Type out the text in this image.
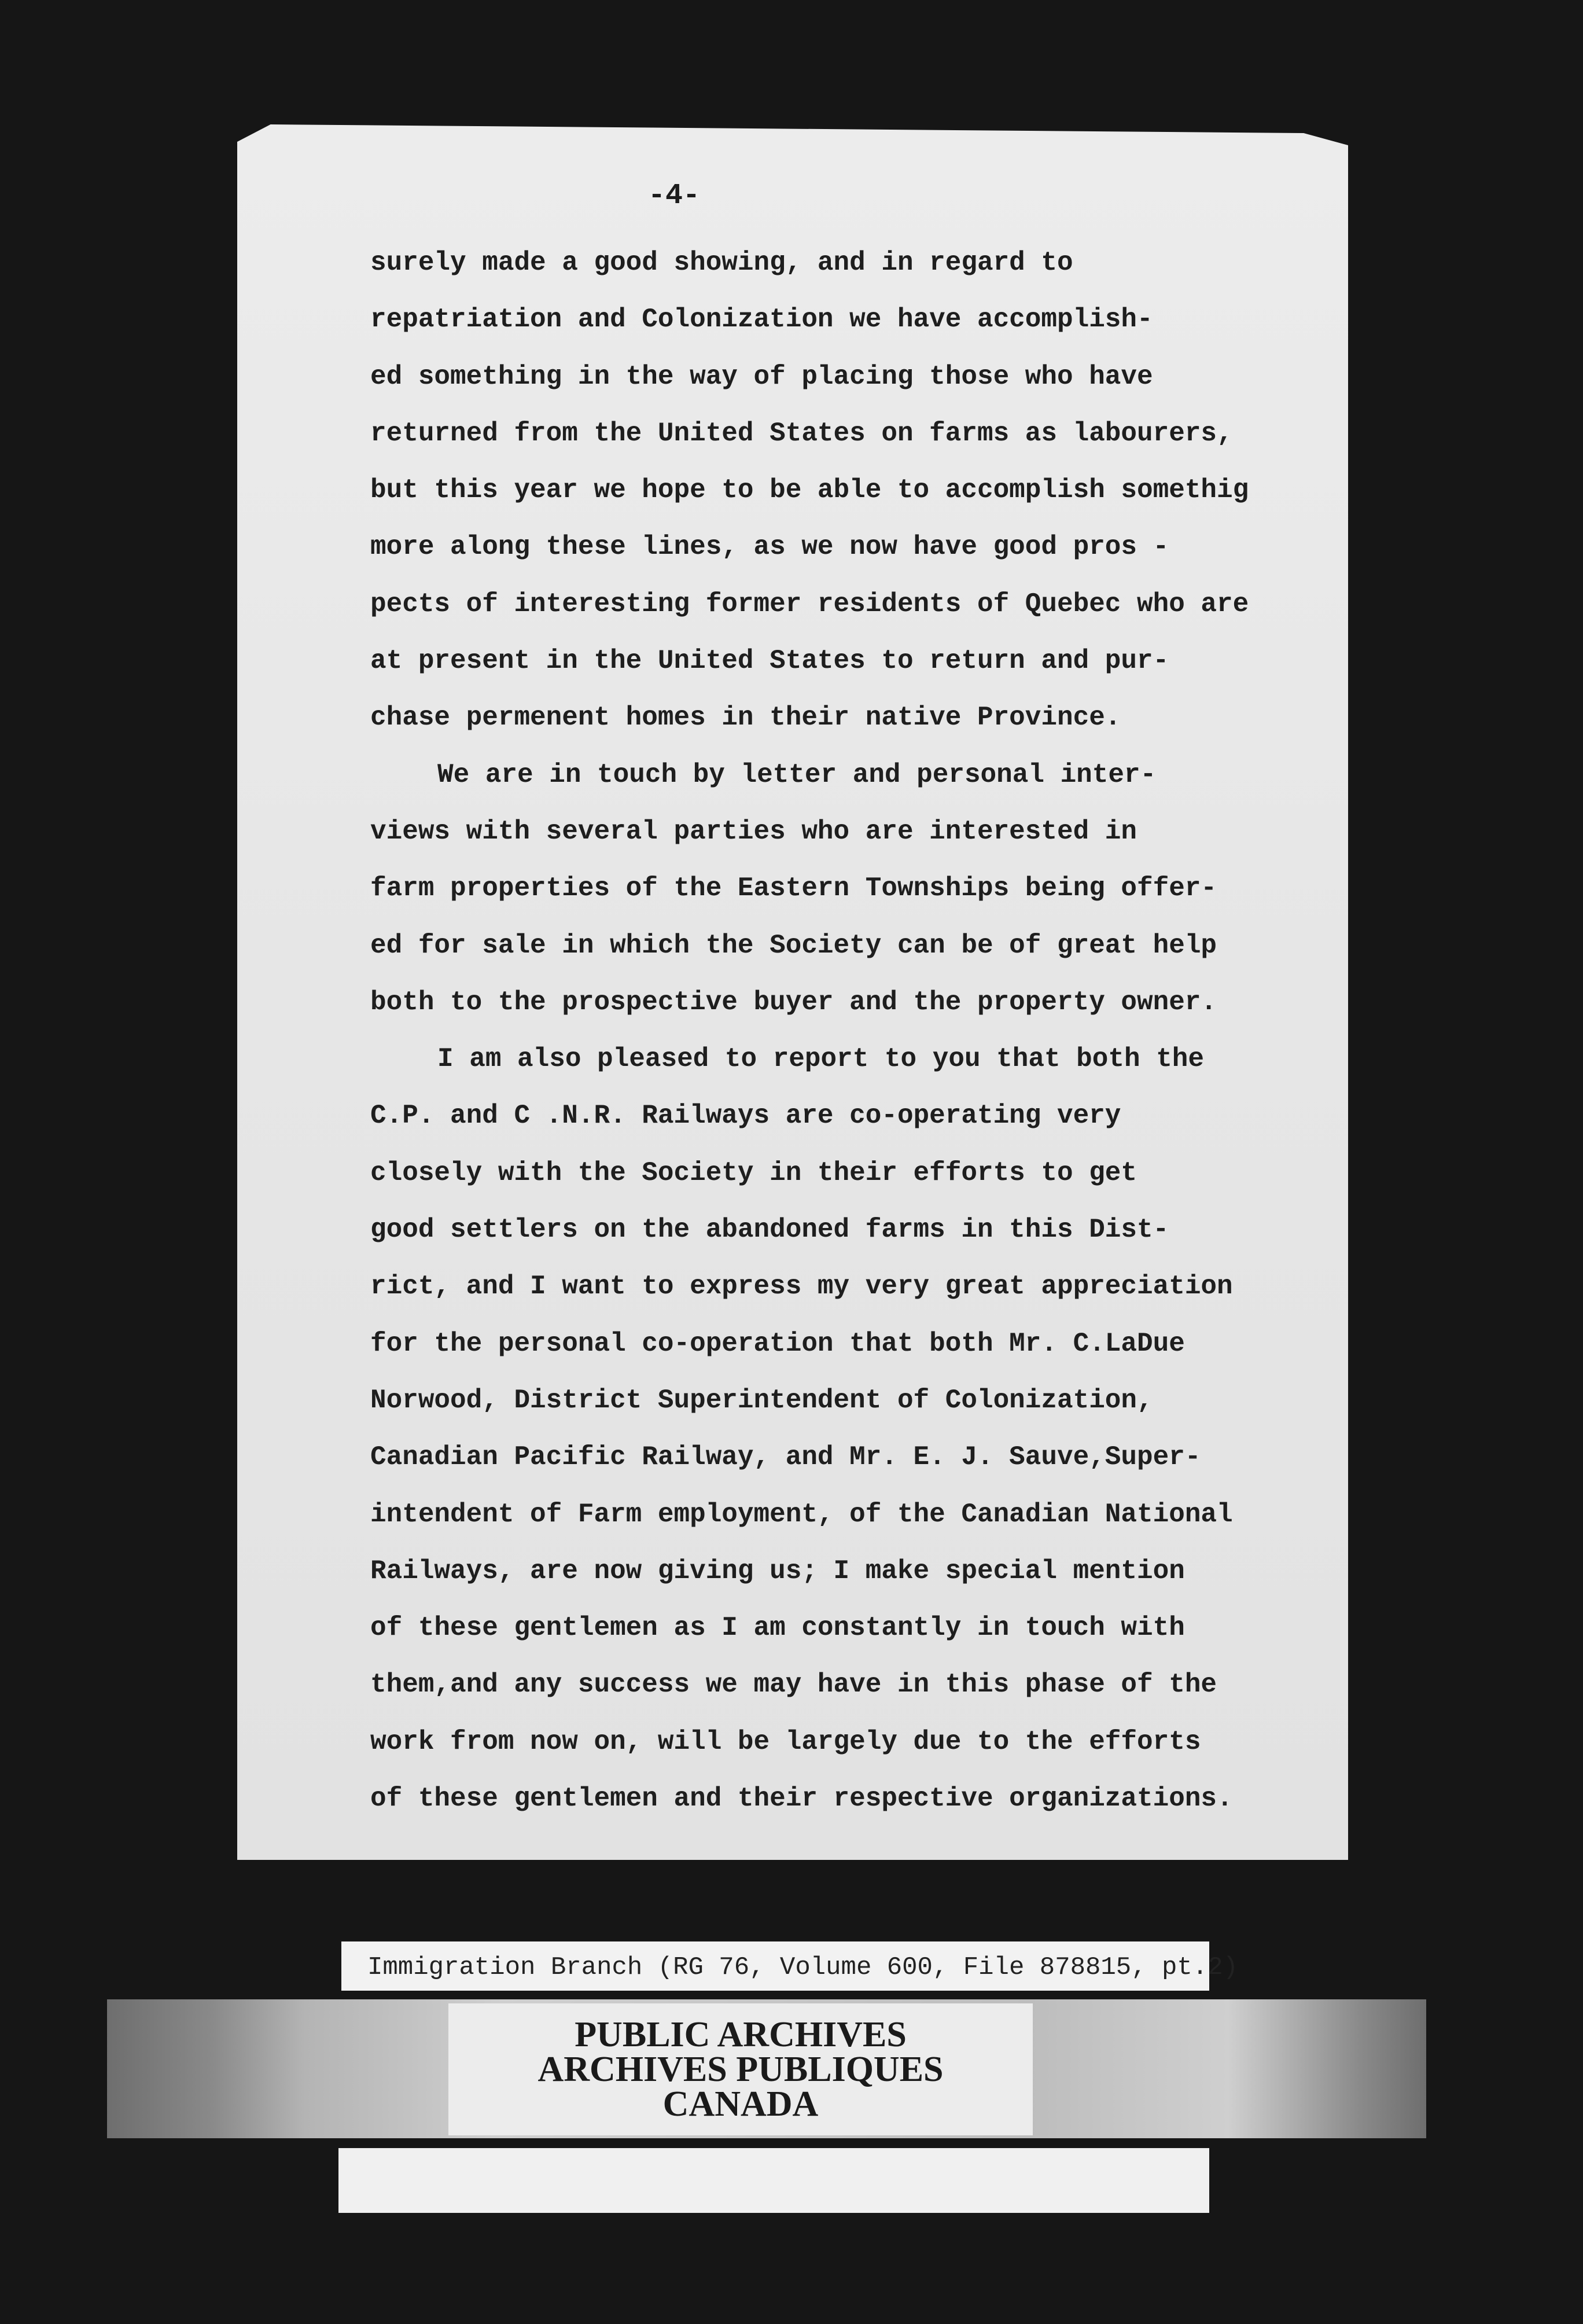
-4-

surely made a good showing, and in regard to
repatriation and Colonization we have accomplish-
ed something in the way of placing those who have
returned from the United States on farms as labourers,
but this year we hope to be able to accomplish somethig
more along these lines, as we now have good pros -
pects of interesting former residents of Quebec who are
at present in the United States to return and pur-
chase permenent homes in their native Province.
We are in touch by letter and personal inter-
views with several parties who are interested in
farm properties of the Eastern Townships being offer-
ed for sale in which the Society can be of great help
both to the prospective buyer and the property owner.
I am also pleased to report to you that both the
C.P. and C .N.R. Railways are co-operating very
closely with the Society in their efforts to get
good settlers on the abandoned farms in this Dist-
rict, and I want to express my very great appreciation
for the personal co-operation that both Mr. C.LaDue
Norwood, District Superintendent of Colonization,
Canadian Pacific Railway, and Mr. E. J. Sauve,Super-
intendent of Farm employment, of the Canadian National
Railways, are now giving us; I make special mention
of these gentlemen as I am constantly in touch with
them,and any success we may have in this phase of the
work from now on, will be largely due to the efforts
of these gentlemen and their respective organizations.
Immigration Branch (RG 76, Volume 600, File 878815, pt.2)
PUBLIC ARCHIVES
ARCHIVES PUBLIQUES
CANADA
